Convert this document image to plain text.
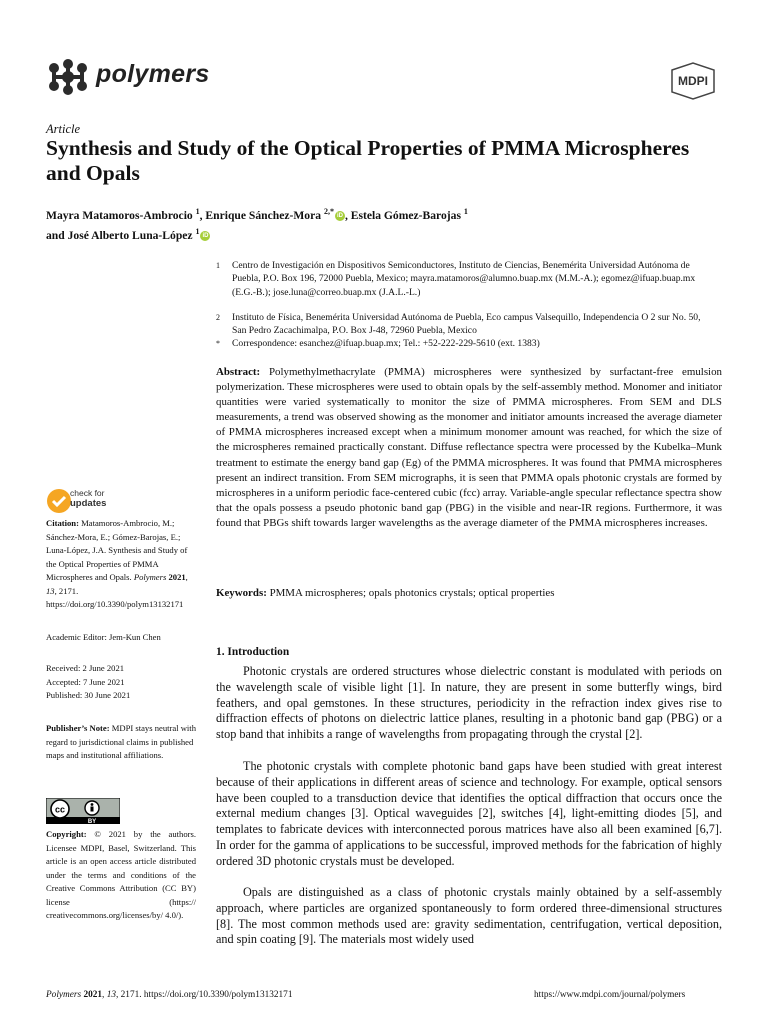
polymers	MDPI
Article
Synthesis and Study of the Optical Properties of PMMA Microspheres and Opals
Mayra Matamoros-Ambrocio $^1$, Enrique Sánchez-Mora $^{2,*}$iD , Estela Gómez-Barojas $^1$
and José Alberto Luna-López $^1$iD
1 Centro de Investigación en Dispositivos Semiconductores, Instituto de Ciencias, Benemérita Universidad Autónoma de Puebla, P.O. Box 196, 72000 Puebla, Mexico; mayra.matamoros@alumno.buap.mx (M.M.-A.); egomez@ifuap.buap.mx (E.G.-B.); jose.luna@correo.buap.mx (J.A.L.-L.)
2 Instituto de Física, Benemérita Universidad Autónoma de Puebla, Eco campus Valsequillo, Independencia O 2 sur No. 50, San Pedro Zacachimalpa, P.O. Box J-48, 72960 Puebla, Mexico
* Correspondence: esanchez@ifuap.buap.mx; Tel.: +52-222-229-5610 (ext. 1383)
Abstract: Polymethylmethacrylate (PMMA) microspheres were synthesized by surfactant-free emulsion polymerization. These microspheres were used to obtain opals by the self-assembly method. Monomer and initiator quantities were varied systematically to monitor the size of PMMA microspheres. From SEM and DLS measurements, a trend was observed showing as the monomer and initiator amounts increased the average diameter of PMMA microspheres increased except when a minimum monomer amount was reached, for which the size of the microspheres remained practically constant. Diffuse reflectance spectra were processed by the Kubelka–Munk treatment to estimate the energy band gap (Eg) of the PMMA microspheres. It was found that PMMA microspheres present an indirect transition. From SEM micrographs, it is seen that PMMA opals photonic crystals are formed by microspheres in a uniform periodic face-centered cubic (fcc) array. Variable-angle specular reflectance spectra show that the opals possess a pseudo photonic band gap (PBG) in the visible and near-IR regions. Furthermore, it was found that PBGs shift towards larger wavelengths as the average diameter of the PMMA microspheres increases.
Keywords: PMMA microspheres; opals photonics crystals; optical properties
check for
updates
Citation: Matamoros-Ambrocio, M.; Sánchez-Mora, E.; Gómez-Barojas, E.; Luna-López, J.A. Synthesis and Study of the Optical Properties of PMMA Microspheres and Opals. Polymers 2021, 13, 2171. https://doi.org/10.3390/polym13132171
Academic Editor: Jem-Kun Chen
Received: 2 June 2021
Accepted: 7 June 2021
Published: 30 June 2021
Publisher’s Note: MDPI stays neutral with regard to jurisdictional claims in published maps and institutional affiliations.
cc
BY
Copyright: © 2021 by the authors. Licensee MDPI, Basel, Switzerland. This article is an open access article distributed under the terms and conditions of the Creative Commons Attribution (CC BY) license (https:// creativecommons.org/licenses/by/ 4.0/).
1. Introduction
Photonic crystals are ordered structures whose dielectric constant is modulated with periods on the wavelength scale of visible light [1]. In nature, they are present in some butterfly wings, bird feathers, and opal gemstones. In these structures, periodicity in the refraction index gives rise to diffraction effects of photons on dielectric lattice planes, resulting in a photonic band gap (PBG) or a stop band that inhibits a range of wavelengths from propagating through the crystal [2].
The photonic crystals with complete photonic band gaps have been studied with great interest because of their applications in different areas of science and technology. For example, optical sensors have been coupled to a transduction device that identifies the optical diffraction that occurs once the external medium changes [3]. Optical waveguides [2], switches [4], light-emitting diodes [5], and templates to fabricate devices with interconnected porous matrices have also all been examined [6,7]. In order for the gamma of applications to be successful, improved methods for the fabrication of highly ordered 3D photonic crystals must be developed.
Opals are distinguished as a class of photonic crystals mainly obtained by a self-assembly approach, where particles are organized spontaneously to form ordered three-dimensional structures [8]. The most common methods used are: gravity sedimentation, centrifugation, vertical deposition, and spin coating [9]. The materials most widely used
Polymers 2021, 13, 2171. https://doi.org/10.3390/polym13132171	https://www.mdpi.com/journal/polymers
